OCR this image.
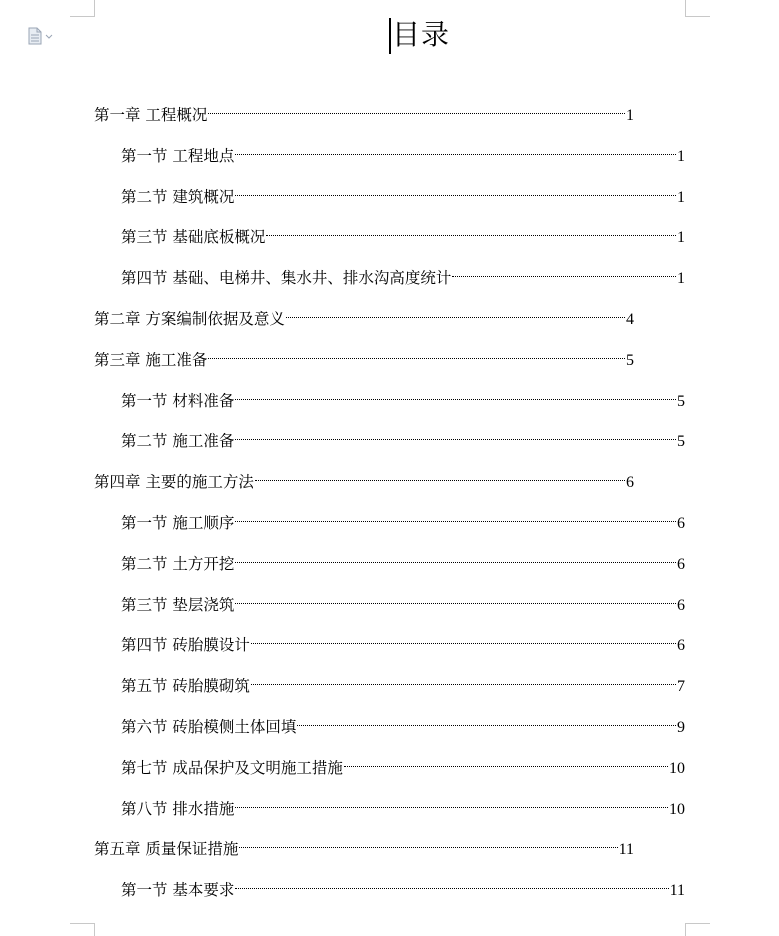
目录
第一章 工程概况	1
第一节 工程地点	1
第二节 建筑概况	1
第三节 基础底板概况	1
第四节 基础、电梯井、集水井、排水沟高度统计	1
第二章 方案编制依据及意义	4
第三章 施工准备	5
第一节 材料准备	5
第二节 施工准备	5
第四章 主要的施工方法	6
第一节 施工顺序	6
第二节 土方开挖	6
第三节 垫层浇筑	6
第四节 砖胎膜设计	6
第五节 砖胎膜砌筑	7
第六节 砖胎模侧土体回填	9
第七节 成品保护及文明施工措施	10
第八节 排水措施	10
第五章 质量保证措施	11
第一节 基本要求	11
